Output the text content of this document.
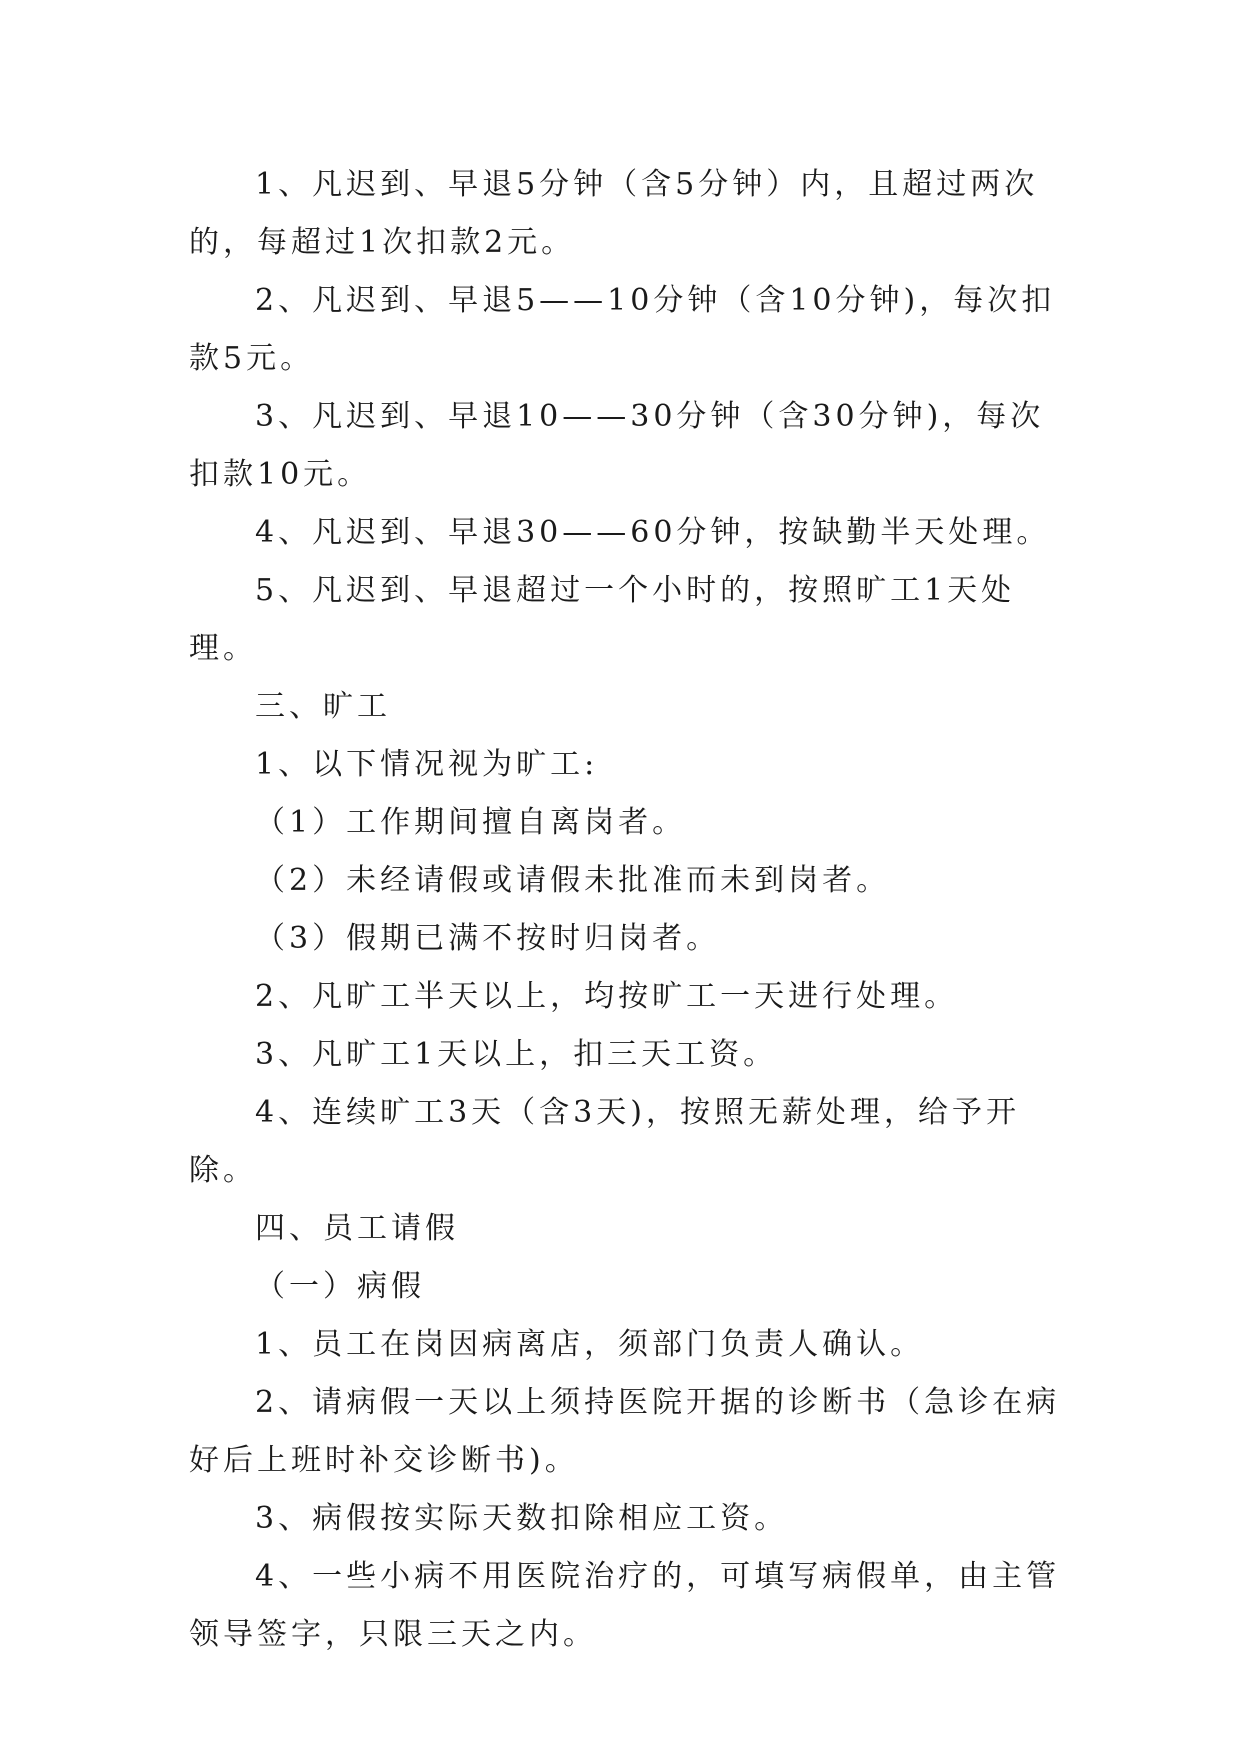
1、凡迟到、早退5分钟（含5分钟）内，且超过两次的，每超过1次扣款2元。

2、凡迟到、早退5——10分钟（含10分钟)，每次扣款5元。

3、凡迟到、早退10——30分钟（含30分钟)，每次扣款10元。

4、凡迟到、早退30——60分钟，按缺勤半天处理。

5、凡迟到、早退超过一个小时的，按照旷工1天处理。

三、旷工

1、以下情况视为旷工:

（1）工作期间擅自离岗者。

（2）未经请假或请假未批准而未到岗者。

（3）假期已满不按时归岗者。

2、凡旷工半天以上，均按旷工一天进行处理。

3、凡旷工1天以上，扣三天工资。

4、连续旷工3天（含3天)，按照无薪处理，给予开除。

四、员工请假

（一）病假

1、员工在岗因病离店，须部门负责人确认。

2、请病假一天以上须持医院开据的诊断书（急诊在病好后上班时补交诊断书)。

3、病假按实际天数扣除相应工资。

4、一些小病不用医院治疗的，可填写病假单，由主管领导签字，只限三天之内。
